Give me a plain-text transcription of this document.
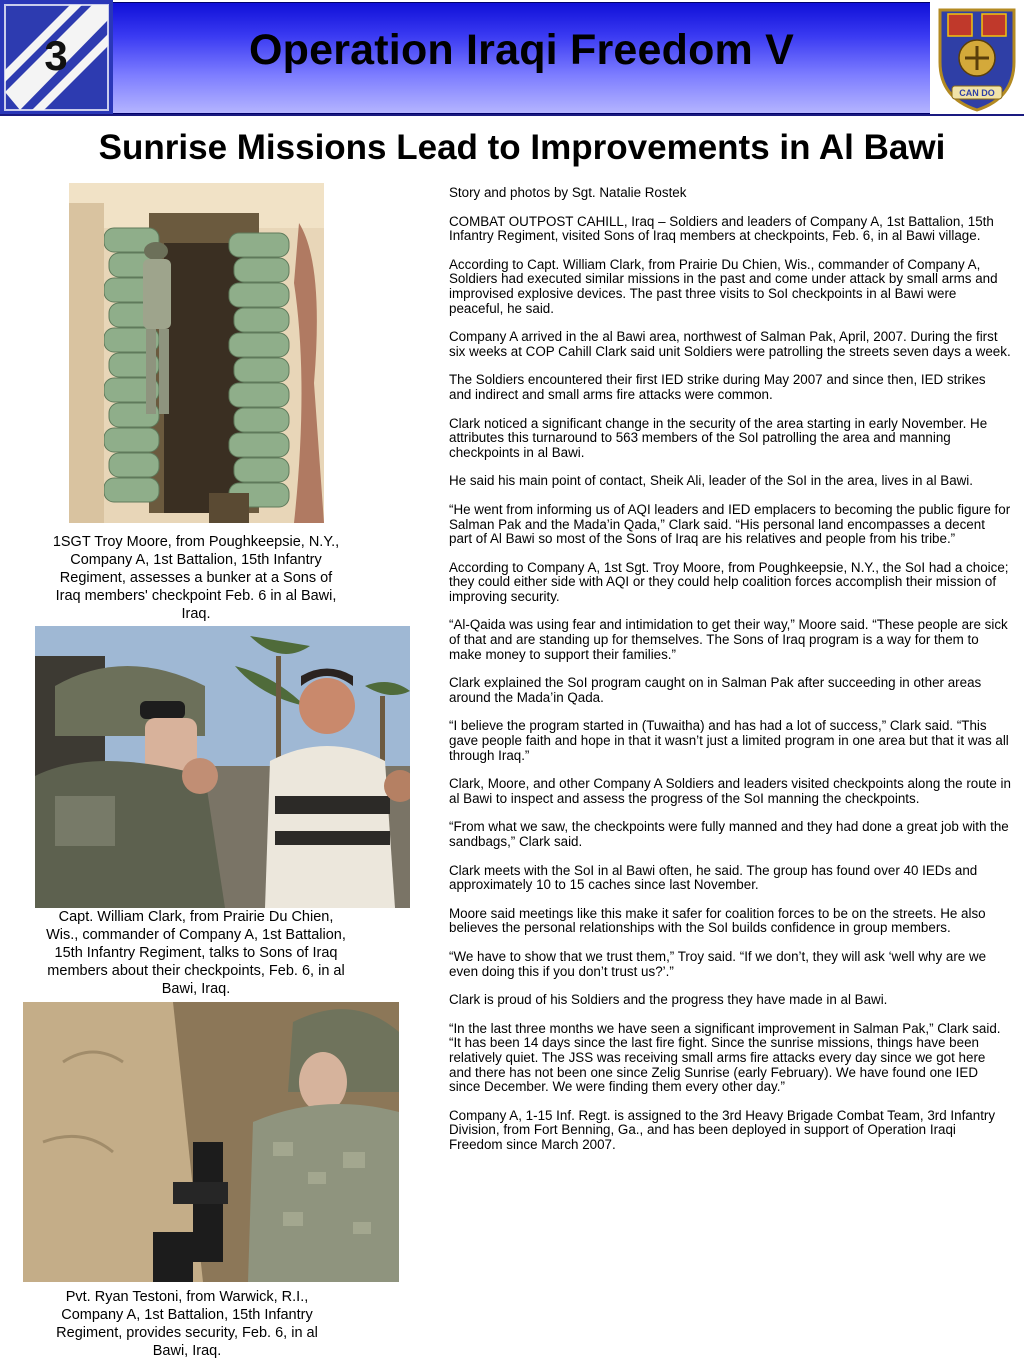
3	Operation Iraqi Freedom V
CAN DO
Sunrise Missions Lead to Improvements in Al Bawi
1SGT Troy Moore, from Poughkeepsie, N.Y., Company A, 1st Battalion, 15th Infantry Regiment, assesses a bunker at a Sons of Iraq members' checkpoint Feb. 6 in al Bawi, Iraq.
Capt. William Clark, from Prairie Du Chien, Wis., commander of Company A, 1st Battalion, 15th Infantry Regiment, talks to Sons of Iraq members about their checkpoints, Feb. 6, in al Bawi, Iraq.
Pvt. Ryan Testoni, from Warwick, R.I., Company A, 1st Battalion, 15th Infantry Regiment, provides security, Feb. 6, in al Bawi, Iraq.

Story and photos by Sgt. Natalie Rostek

COMBAT OUTPOST CAHILL, Iraq – Soldiers and leaders of Company A, 1st Battalion, 15th Infantry Regiment, visited Sons of Iraq members at checkpoints, Feb. 6, in al Bawi village.

According to Capt. William Clark, from Prairie Du Chien, Wis., commander of Company A, Soldiers had executed similar missions in the past and come under attack by small arms and improvised explosive devices. The past three visits to SoI checkpoints in al Bawi were peaceful, he said.

Company A arrived in the al Bawi area, northwest of Salman Pak, April, 2007. During the first six weeks at COP Cahill Clark said unit Soldiers were patrolling the streets seven days a week.

The Soldiers encountered their first IED strike during May 2007 and since then, IED strikes and indirect and small arms fire attacks were common.

Clark noticed a significant change in the security of the area starting in early November. He attributes this turnaround to 563 members of the SoI patrolling the area and manning checkpoints in al Bawi.

He said his main point of contact, Sheik Ali, leader of the SoI in the area, lives in al Bawi.

“He went from informing us of AQI leaders and IED emplacers to becoming the public figure for Salman Pak and the Mada’in Qada,” Clark said. “His personal land encompasses a decent part of Al Bawi so most of the Sons of Iraq are his relatives and people from his tribe.”

According to Company A, 1st Sgt. Troy Moore, from Poughkeepsie, N.Y., the SoI had a choice; they could either side with AQI or they could help coalition forces accomplish their mission of improving security.

“Al-Qaida was using fear and intimidation to get their way,” Moore said. “These people are sick of that and are standing up for themselves. The Sons of Iraq program is a way for them to make money to support their families.”

Clark explained the SoI program caught on in Salman Pak after succeeding in other areas around the Mada’in Qada.

“I believe the program started in (Tuwaitha) and has had a lot of success,” Clark said. “This gave people faith and hope in that it wasn’t just a limited program in one area but that it was all through Iraq.”

Clark, Moore, and other Company A Soldiers and leaders visited checkpoints along the route in al Bawi to inspect and assess the progress of the SoI manning the checkpoints.

“From what we saw, the checkpoints were fully manned and they had done a great job with the sandbags,” Clark said.

Clark meets with the SoI in al Bawi often, he said. The group has found over 40 IEDs and approximately 10 to 15 caches since last November.

Moore said meetings like this make it safer for coalition forces to be on the streets. He also believes the personal relationships with the SoI builds confidence in group members.

“We have to show that we trust them,” Troy said. “If we don’t, they will ask ‘well why are we even doing this if you don’t trust us?’.”

Clark is proud of his Soldiers and the progress they have made in al Bawi.

“In the last three months we have seen a significant improvement in Salman Pak,” Clark said. “It has been 14 days since the last fire fight. Since the sunrise missions, things have been relatively quiet. The JSS was receiving small arms fire attacks every day since we got here and there has not been one since Zelig Sunrise (early February). We have found one IED since December. We were finding them every other day.”

Company A, 1-15 Inf. Regt. is assigned to the 3rd Heavy Brigade Combat Team, 3rd Infantry Division, from Fort Benning, Ga., and has been deployed in support of Operation Iraqi Freedom since March 2007.
